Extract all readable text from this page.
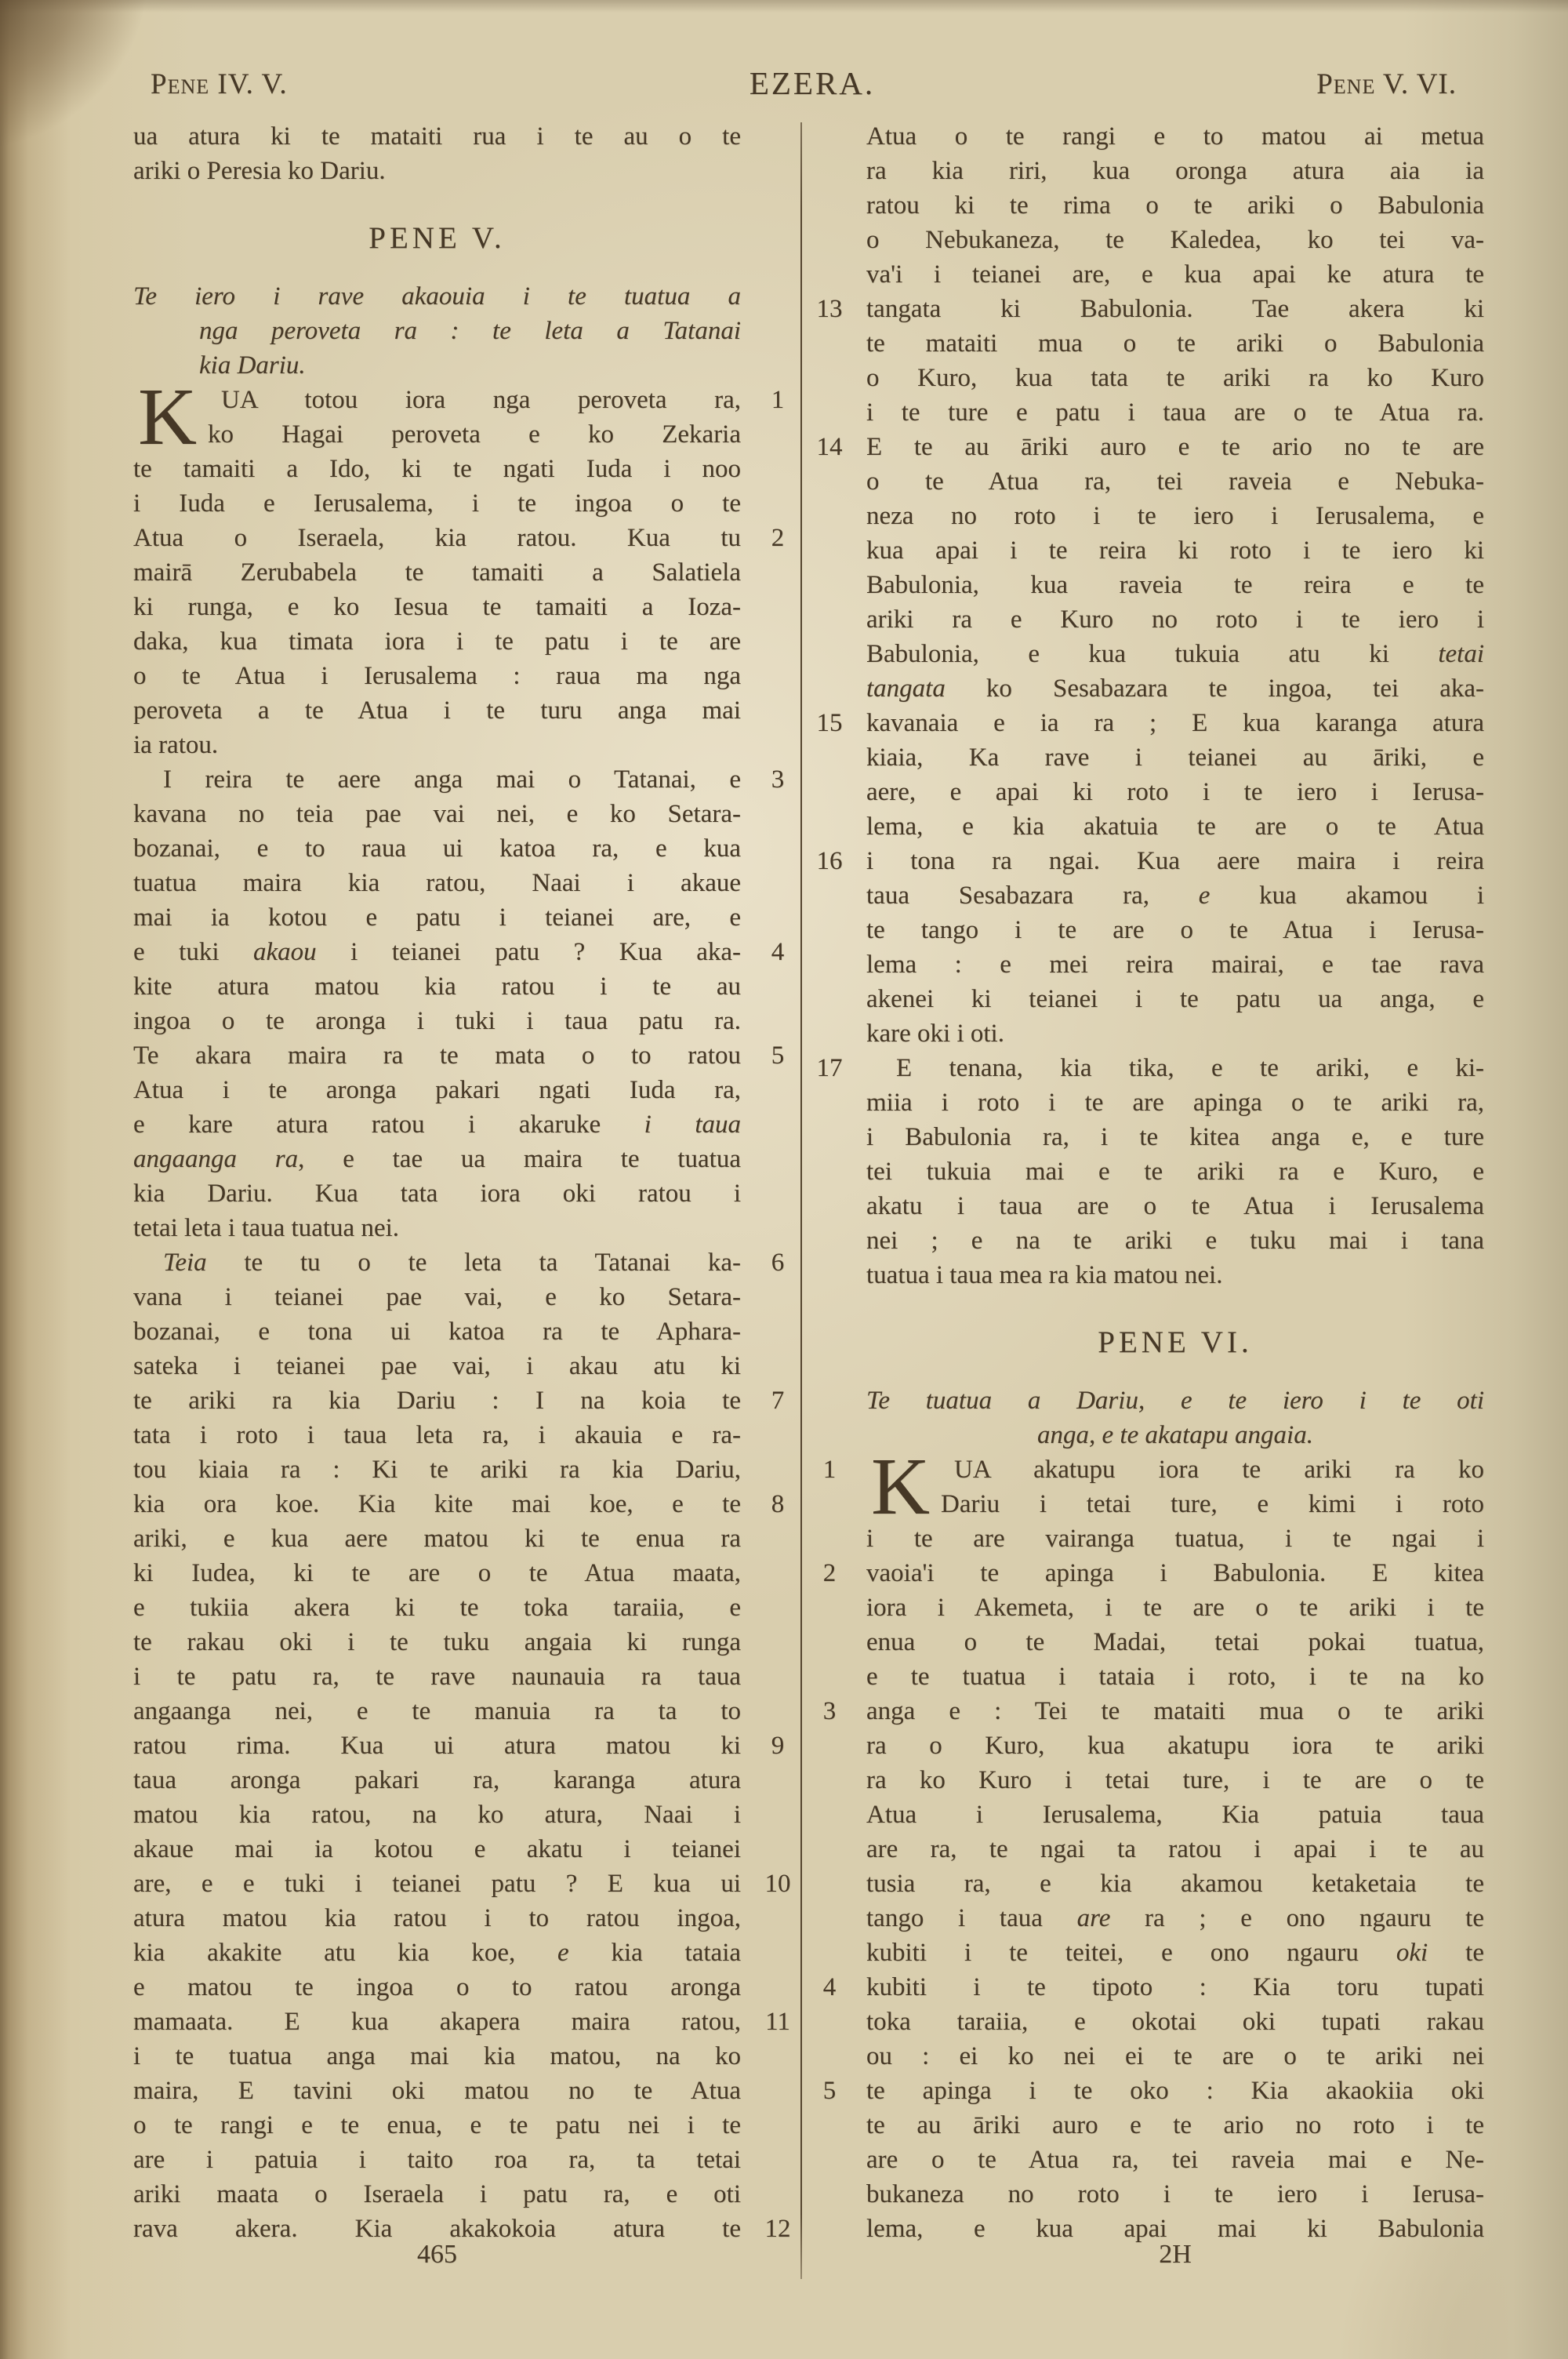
Pene IV. V.	EZERA.	Pene V. VI.
ua atura ki te mataiti rua i te au o te
ariki o Peresia ko Dariu.
PENE V.
Te iero i rave akaouia i te tuatua a
nga peroveta ra : te leta a Tatanai
kia Dariu.
K UA totou iora nga peroveta ra,	1
ko Hagai peroveta e ko Zekaria
te tamaiti a Ido, ki te ngati Iuda i noo
i Iuda e Ierusalema, i te ingoa o te
Atua o Iseraela, kia ratou. Kua tu	2
mairā Zerubabela te tamaiti a Salatiela
ki runga, e ko Iesua te tamaiti a Ioza-
daka, kua timata iora i te patu i te are
o te Atua i Ierusalema : raua ma nga
peroveta a te Atua i te turu anga mai
ia ratou.
I reira te aere anga mai o Tatanai, e	3
kavana no teia pae vai nei, e ko Setara-
bozanai, e to raua ui katoa ra, e kua
tuatua maira kia ratou, Naai i akaue
mai ia kotou e patu i teianei are, e
e tuki akaou i teianei patu ? Kua aka-	4
kite atura matou kia ratou i te au
ingoa o te aronga i tuki i taua patu ra.
Te akara maira ra te mata o to ratou	5
Atua i te aronga pakari ngati Iuda ra,
e kare atura ratou i akaruke i taua
angaanga ra, e tae ua maira te tuatua
kia Dariu. Kua tata iora oki ratou i
tetai leta i taua tuatua nei.
Teia te tu o te leta ta Tatanai ka-	6
vana i teianei pae vai, e ko Setara-
bozanai, e tona ui katoa ra te Aphara-
sateka i teianei pae vai, i akau atu ki
te ariki ra kia Dariu : I na koia te	7
tata i roto i taua leta ra, i akauia e ra-
tou kiaia ra : Ki te ariki ra kia Dariu,
kia ora koe. Kia kite mai koe, e te	8
ariki, e kua aere matou ki te enua ra
ki Iudea, ki te are o te Atua maata,
e tukiia akera ki te toka taraiia, e
te rakau oki i te tuku angaia ki runga
i te patu ra, te rave naunauia ra taua
angaanga nei, e te manuia ra ta to
ratou rima. Kua ui atura matou ki	9
taua aronga pakari ra, karanga atura
matou kia ratou, na ko atura, Naai i
akaue mai ia kotou e akatu i teianei
are, e e tuki i teianei patu ? E kua ui 10
atura matou kia ratou i to ratou ingoa,
kia akakite atu kia koe, e kia tataia
e matou te ingoa o to ratou aronga
mamaata. E kua akapera maira ratou, 11
i te tuatua anga mai kia matou, na ko
maira, E tavini oki matou no te Atua
o te rangi e te enua, e te patu nei i te
are i patuia i taito roa ra, ta tetai
ariki maata o Iseraela i patu ra, e oti
rava akera. Kia akakokoia atura te 12
Atua o te rangi e to matou ai metua
ra kia riri, kua oronga atura aia ia
ratou ki te rima o te ariki o Babulonia
o Nebukaneza, te Kaledea, ko tei va-
va'i i teianei are, e kua apai ke atura te
tangata ki Babulonia. Tae akera ki
13
te mataiti mua o te ariki o Babulonia
o Kuro, kua tata te ariki ra ko Kuro
i te ture e patu i taua are o te Atua ra.
E te au āriki auro e te ario no te are
14
o te Atua ra, tei raveia e Nebuka-
neza no roto i te iero i Ierusalema, e
kua apai i te reira ki roto i te iero ki
Babulonia, kua raveia te reira e te
ariki ra e Kuro no roto i te iero i
Babulonia, e kua tukuia atu ki tetai
tangata ko Sesabazara te ingoa, tei aka-
kavanaia e ia ra ; E kua karanga atura
15
kiaia, Ka rave i teianei au āriki, e
aere, e apai ki roto i te iero i Ierusa-
lema, e kia akatuia te are o te Atua
i tona ra ngai. Kua aere maira i reira
16
taua Sesabazara ra, e kua akamou i
te tango i te are o te Atua i Ierusa-
lema : e mei reira mairai, e tae rava
akenei ki teianei i te patu ua anga, e
kare oki i oti.
E tenana, kia tika, e te ariki, e ki-
17
miia i roto i te are apinga o te ariki ra,
i Babulonia ra, i te kitea anga e, e ture
tei tukuia mai e te ariki ra e Kuro, e
akatu i taua are o te Atua i Ierusalema
nei ; e na te ariki e tuku mai i tana
tuatua i taua mea ra kia matou nei.
PENE VI.
Te tuatua a Dariu, e te iero i te oti
anga, e te akatapu angaia.
K UA akatupu iora te ariki ra ko
1
Dariu i tetai ture, e kimi i roto
i te are vairanga tuatua, i te ngai i
vaoia'i te apinga i Babulonia. E kitea
2
iora i Akemeta, i te are o te ariki i te
enua o te Madai, tetai pokai tuatua,
e te tuatua i tataia i roto, i te na ko
anga e : Tei te mataiti mua o te ariki
3
ra o Kuro, kua akatupu iora te ariki
ra ko Kuro i tetai ture, i te are o te
Atua i Ierusalema, Kia patuia taua
are ra, te ngai ta ratou i apai i te au
tusia ra, e kia akamou ketaketaia te
tango i taua are ra ; e ono ngauru te
kubiti i te teitei, e ono ngauru oki te
kubiti i te tipoto : Kia toru tupati
4
toka taraiia, e okotai oki tupati rakau
ou : ei ko nei ei te are o te ariki nei
te apinga i te oko : Kia akaokiia oki
5
te au āriki auro e te ario no roto i te
are o te Atua ra, tei raveia mai e Ne-
bukaneza no roto i te iero i Ierusa-
lema, e kua apai mai ki Babulonia
465	2H
